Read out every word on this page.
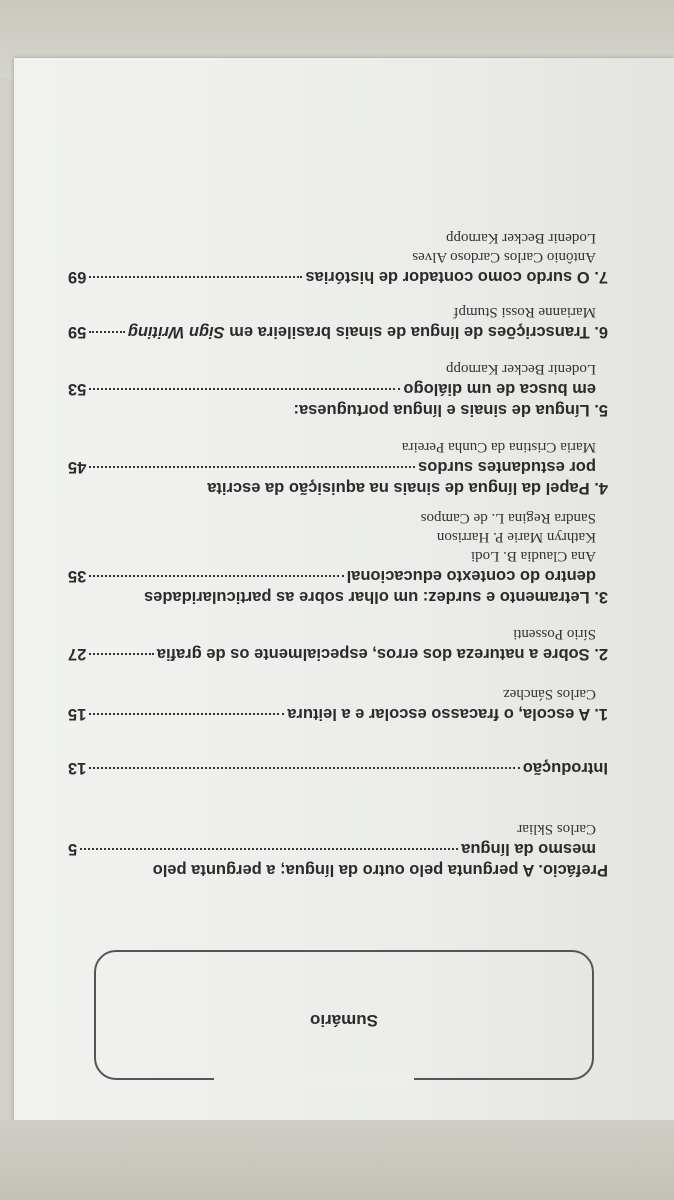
Sumário
Prefácio. A pergunta pelo outro da língua; a pergunta pelo
mesmo da língua
5
Carlos Skliar
Introdução
13
1. A escola, o fracasso escolar e a leitura
15
Carlos Sánchez
2. Sobre a natureza dos erros, especialmente os de grafia
27
Sírio Possenti
3. Letramento e surdez: um olhar sobre as particularidades
dentro do contexto educacional
35
Ana Claudia B. Lodi
Kathryn Marie P. Harrison
Sandra Regina L. de Campos
4. Papel da língua de sinais na aquisição da escrita
por estudantes surdos
45
Maria Cristina da Cunha Pereira
5. Língua de sinais e língua portuguesa:
em busca de um diálogo
53
Lodenir Becker Karnopp
6. Transcrições de língua de sinais brasileira em Sign Writing
59
Marianne Rossi Stumpf
7. O surdo como contador de histórias
69
Antônio Carlos Cardoso Alves
Lodenir Becker Karnopp
